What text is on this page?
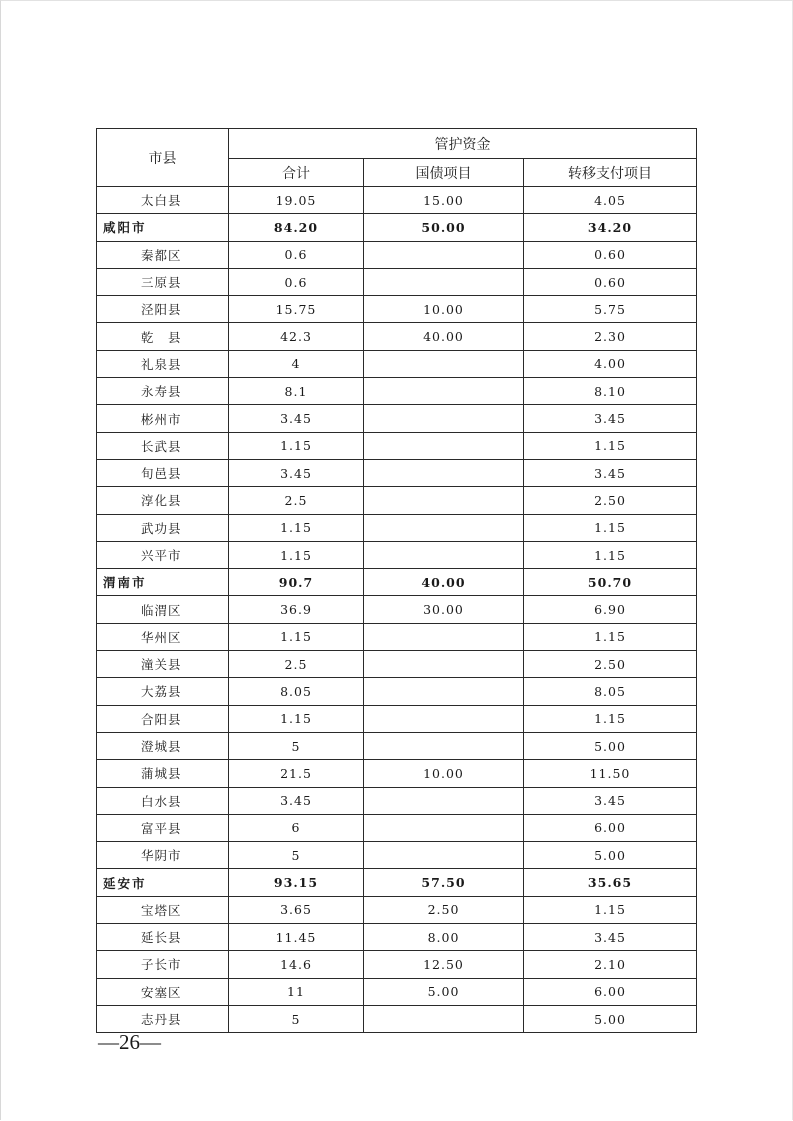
市县	管护资金		
	合计	国债项目	转移支付项目
太白县	19.05	15.00	4.05
咸阳市	84.20	50.00	34.20
秦都区	0.6		0.60
三原县	0.6		0.60
泾阳县	15.75	10.00	5.75
乾　县	42.3	40.00	2.30
礼泉县	4		4.00
永寿县	8.1		8.10
彬州市	3.45		3.45
长武县	1.15		1.15
旬邑县	3.45		3.45
淳化县	2.5		2.50
武功县	1.15		1.15
兴平市	1.15		1.15
渭南市	90.7	40.00	50.70
临渭区	36.9	30.00	6.90
华州区	1.15		1.15
潼关县	2.5		2.50
大荔县	8.05		8.05
合阳县	1.15		1.15
澄城县	5		5.00
蒲城县	21.5	10.00	11.50
白水县	3.45		3.45
富平县	6		6.00
华阴市	5		5.00
延安市	93.15	57.50	35.65
宝塔区	3.65	2.50	1.15
延长县	11.45	8.00	3.45
子长市	14.6	12.50	2.10
安塞区	11	5.00	6.00
志丹县	5		5.00
—26—
